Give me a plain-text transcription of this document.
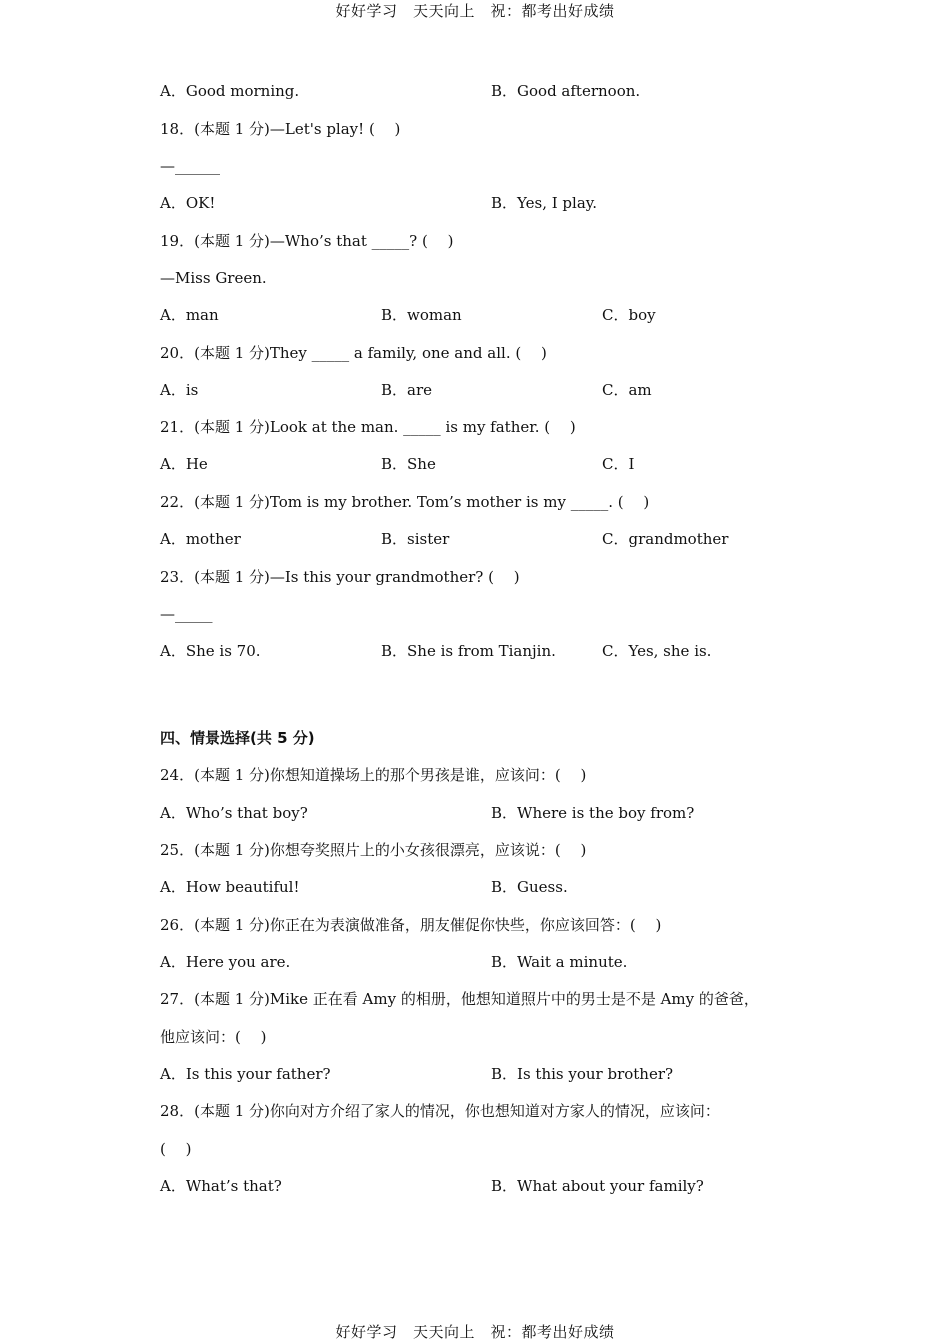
好好学习　天天向上　祝：都考出好成绩
A．Good morning.	B．Good afternoon.
18．(本题 1 分)—Let's play! (　 )
—______
A．OK!	B．Yes, I play.
19．(本题 1 分)—Who’s that _____? (　 )
—Miss Green.
A．man	B．woman	C．boy
20．(本题 1 分)They _____ a family, one and all. (　 )
A．is	B．are	C．am
21．(本题 1 分)Look at the man. _____ is my father. (　 )
A．He	B．She	C．I
22．(本题 1 分)Tom is my brother. Tom’s mother is my _____. (　 )
A．mother	B．sister	C．grandmother
23．(本题 1 分)—Is this your grandmother? (　 )
—_____
A．She is 70.	B．She is from Tianjin.	C．Yes, she is.
四、情景选择(共 5 分)
24．(本题 1 分)你想知道操场上的那个男孩是谁，应该问：(　 )
A．Who’s that boy?	B．Where is the boy from?
25．(本题 1 分)你想夸奖照片上的小女孩很漂亮，应该说：(　 )
A．How beautiful!	B．Guess.
26．(本题 1 分)你正在为表演做准备，朋友催促你快些，你应该回答：(　 )
A．Here you are.	B．Wait a minute.
27．(本题 1 分)Mike 正在看 Amy 的相册，他想知道照片中的男士是不是 Amy 的爸爸，
他应该问：(　 )
A．Is this your father?	B．Is this your brother?
28．(本题 1 分)你向对方介绍了家人的情况，你也想知道对方家人的情况，应该问：
(　 )
A．What’s that?	B．What about your family?
好好学习　天天向上　祝：都考出好成绩
